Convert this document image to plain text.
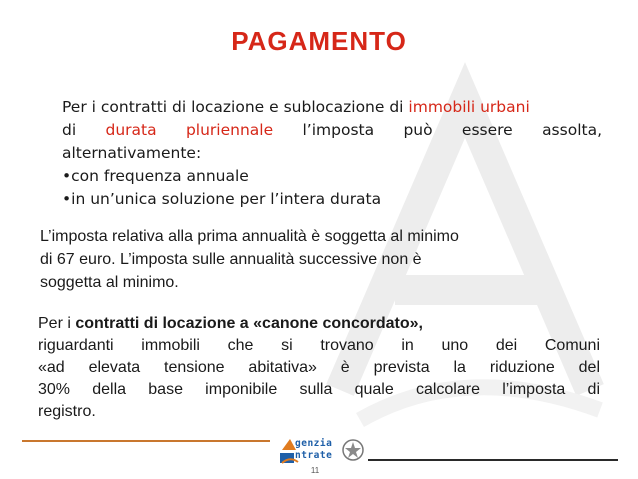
PAGAMENTO
Per i contratti di locazione e sublocazione di immobili urbani
di durata pluriennale l’imposta può essere assolta,
alternativamente:
•con frequenza annuale
•in un’unica soluzione per l’intera durata
L’imposta relativa alla prima annualità è soggetta al minimo
di 67 euro. L’imposta sulle annualità successive non è
soggetta al minimo.
Per i contratti di locazione a «canone concordato»,
riguardanti immobili che si trovano in uno dei Comuni
«ad elevata tensione abitativa» è prevista la riduzione del
30% della base imponibile sulla quale calcolare l’imposta di
registro.
genzia
ntrate
11
